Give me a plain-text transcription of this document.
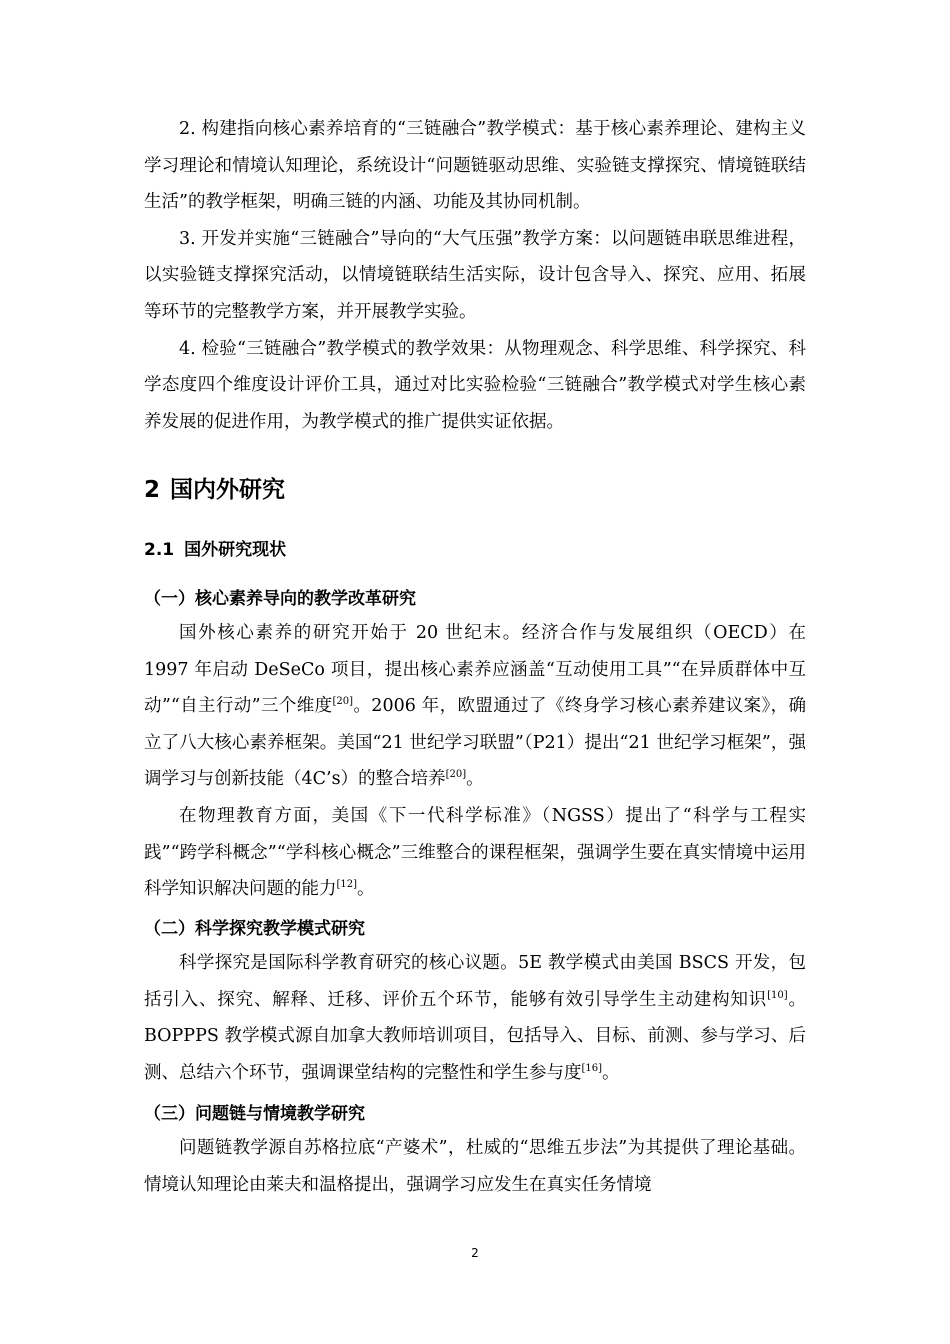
2. 构建指向核心素养培育的“三链融合”教学模式：基于核心素养理论、建构主义学习理论和情境认知理论，系统设计“问题链驱动思维、实验链支撑探究、情境链联结生活”的教学框架，明确三链的内涵、功能及其协同机制。

3. 开发并实施“三链融合”导向的“大气压强”教学方案：以问题链串联思维进程，以实验链支撑探究活动，以情境链联结生活实际，设计包含导入、探究、应用、拓展等环节的完整教学方案，并开展教学实验。

4. 检验“三链融合”教学模式的教学效果：从物理观念、科学思维、科学探究、科学态度四个维度设计评价工具，通过对比实验检验“三链融合”教学模式对学生核心素养发展的促进作用，为教学模式的推广提供实证依据。

2 国内外研究
2.1 国外研究现状
（一）核心素养导向的教学改革研究

国外核心素养的研究开始于 20 世纪末。经济合作与发展组织（OECD）在 1997 年启动 DeSeCo 项目，提出核心素养应涵盖“互动使用工具”“在异质群体中互动”“自主行动”三个维度[20]。2006 年，欧盟通过了《终身学习核心素养建议案》，确立了八大核心素养框架。美国“21 世纪学习联盟”（P21）提出“21 世纪学习框架”，强调学习与创新技能（4C’s）的整合培养[20]。

在物理教育方面，美国《下一代科学标准》（NGSS）提出了“科学与工程实践”“跨学科概念”“学科核心概念”三维整合的课程框架，强调学生要在真实情境中运用科学知识解决问题的能力[12]。

（二）科学探究教学模式研究

科学探究是国际科学教育研究的核心议题。5E 教学模式由美国 BSCS 开发，包括引入、探究、解释、迁移、评价五个环节，能够有效引导学生主动建构知识[10]。BOPPPS 教学模式源自加拿大教师培训项目，包括导入、目标、前测、参与学习、后测、总结六个环节，强调课堂结构的完整性和学生参与度[16]。

（三）问题链与情境教学研究

问题链教学源自苏格拉底“产婆术”，杜威的“思维五步法”为其提供了理论基础。情境认知理论由莱夫和温格提出，强调学习应发生在真实任务情境

2
